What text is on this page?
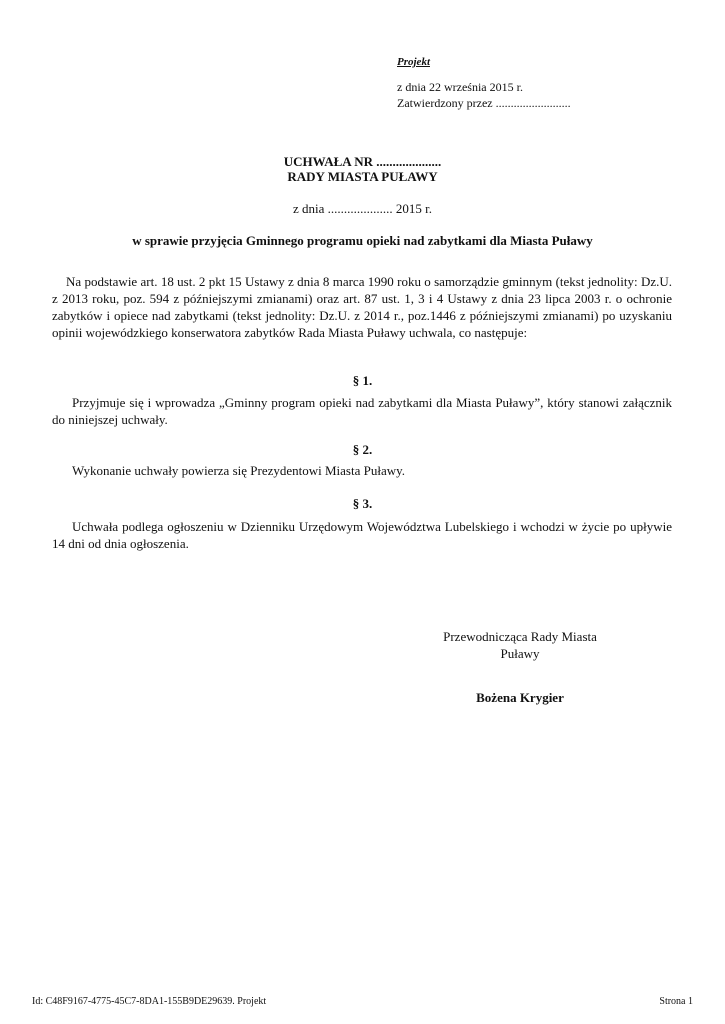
Projekt
z dnia 22 września 2015 r.
Zatwierdzony przez .........................
UCHWAŁA NR ....................
RADY MIASTA PUŁAWY
z dnia .................... 2015 r.
w sprawie przyjęcia Gminnego programu opieki nad zabytkami dla Miasta Puławy

Na podstawie art. 18 ust. 2 pkt 15 Ustawy z dnia 8 marca 1990 roku o samorządzie gminnym (tekst jednolity: Dz.U. z 2013 roku, poz. 594 z późniejszymi zmianami) oraz art. 87 ust. 1, 3 i 4 Ustawy z dnia 23 lipca 2003 r. o ochronie zabytków i opiece nad zabytkami (tekst jednolity: Dz.U. z 2014 r., poz.1446 z późniejszymi zmianami) po uzyskaniu opinii wojewódzkiego konserwatora zabytków Rada Miasta Puławy uchwala, co następuje:

§ 1.

Przyjmuje się i wprowadza „Gminny program opieki nad zabytkami dla Miasta Puławy”, który stanowi załącznik do niniejszej uchwały.

§ 2.

Wykonanie uchwały powierza się Prezydentowi Miasta Puławy.

§ 3.

Uchwała podlega ogłoszeniu w Dzienniku Urzędowym Województwa Lubelskiego i wchodzi w życie po upływie 14 dni od dnia ogłoszenia.

Przewodnicząca Rady Miasta
Puławy
Bożena Krygier
Id: C48F9167-4775-45C7-8DA1-155B9DE29639. Projekt	Strona 1
